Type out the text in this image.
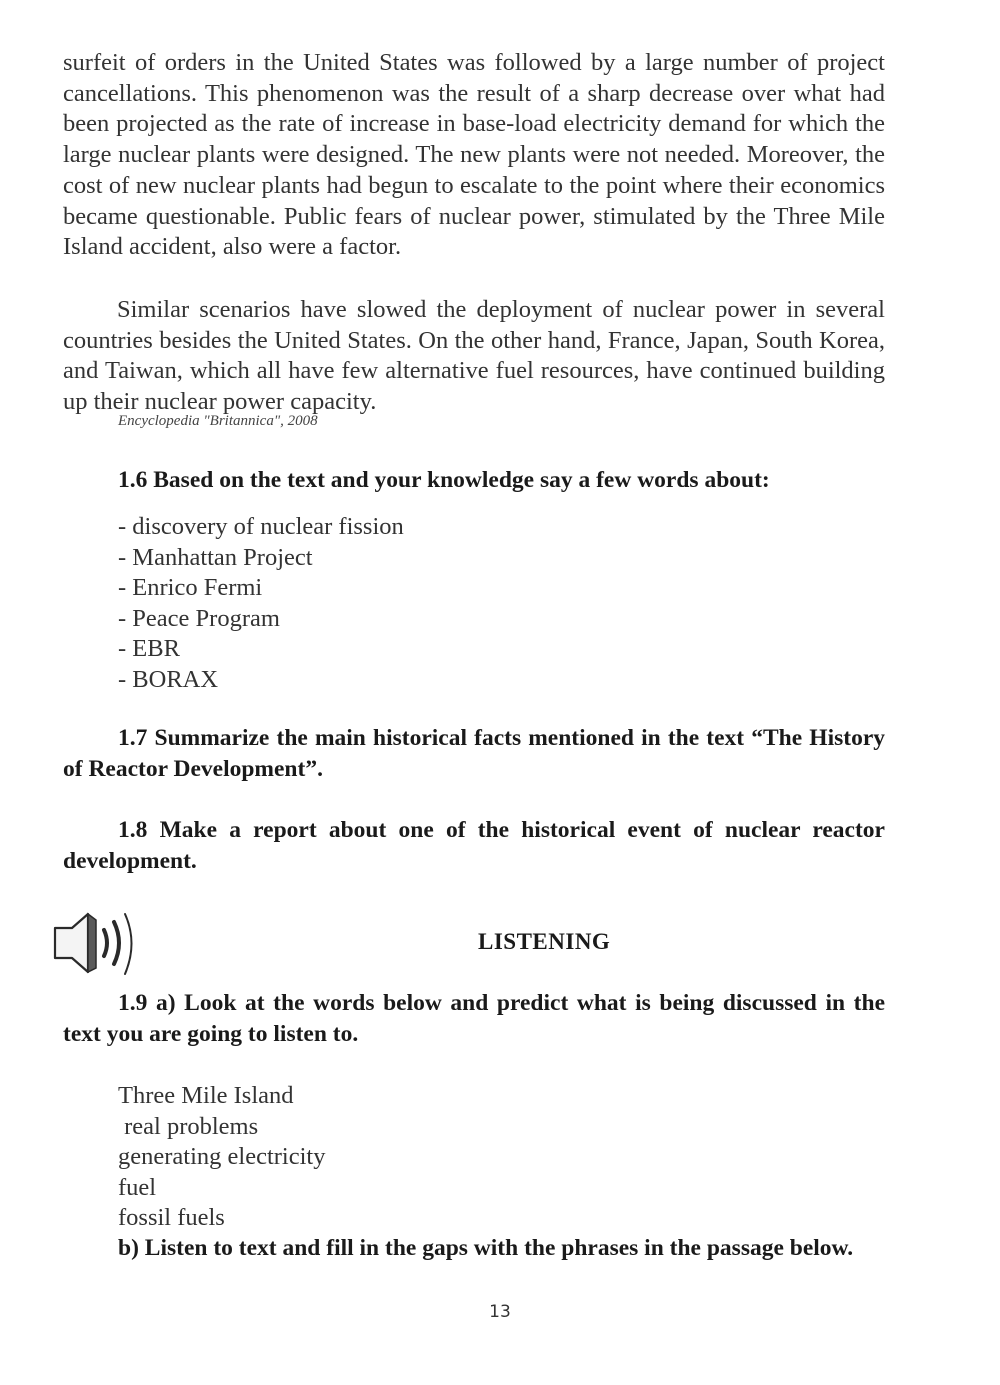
surfeit of orders in the United States was followed by a large number of project cancellations. This phenomenon was the result of a sharp decrease over what had been projected as the rate of increase in base-load electricity demand for which the large nuclear plants were designed. The new plants were not needed. Moreover, the cost of new nuclear plants had begun to escalate to the point where their economics became questionable. Public fears of nuclear power, stimulated by the Three Mile Island accident, also were a factor.

Similar scenarios have slowed the deployment of nuclear power in several countries besides the United States. On the other hand, France, Japan, South Korea, and Taiwan, which all have few alternative fuel resources, have continued building up their nuclear power capacity.

Encyclopedia "Britannica", 2008

1.6 Based on the text and your knowledge say a few words about:

- discovery of nuclear fission
- Manhattan Project
- Enrico Fermi
- Peace Program
- EBR
- BORAX

1.7 Summarize the main historical facts mentioned in the text “The History of Reactor Development”.

1.8 Make a report about one of the historical event of nuclear reactor development.

LISTENING

1.9 a) Look at the words below and predict what is being discussed in the text you are going to listen to.

Three Mile Island
real problems
generating electricity
fuel
fossil fuels

b) Listen to text and fill in the gaps with the phrases in the passage below.

13
